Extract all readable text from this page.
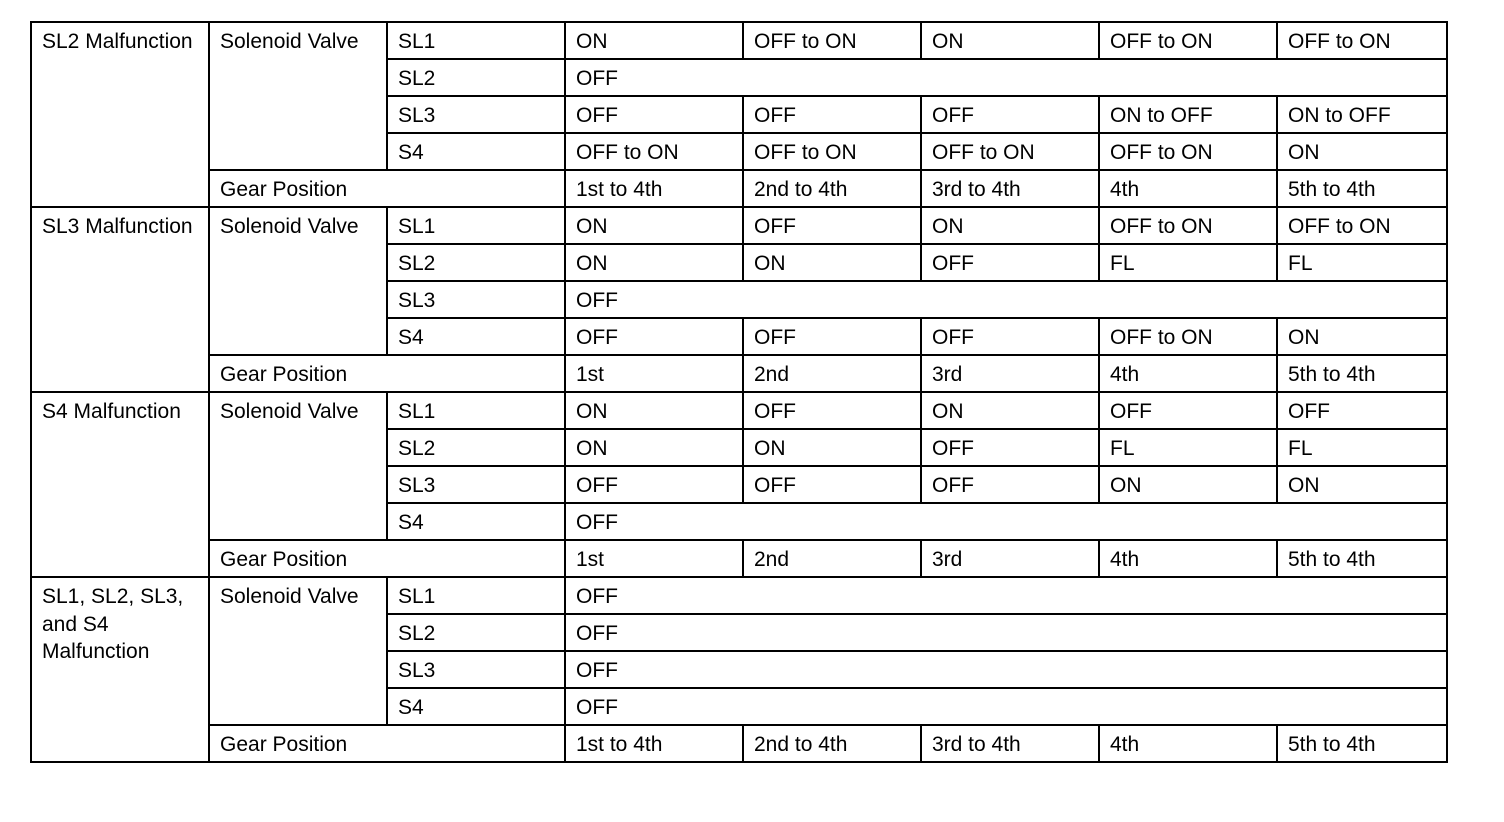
SL2 Malfunction	Solenoid Valve	SL1	ON	OFF to ON	ON	OFF to ON	OFF to ON
		SL2	OFF				
		SL3	OFF	OFF	OFF	ON to OFF	ON to OFF
		S4	OFF to ON	OFF to ON	OFF to ON	OFF to ON	ON
	Gear Position		1st to 4th	2nd to 4th	3rd to 4th	4th	5th to 4th
SL3 Malfunction	Solenoid Valve	SL1	ON	OFF	ON	OFF to ON	OFF to ON
		SL2	ON	ON	OFF	FL	FL
		SL3	OFF				
		S4	OFF	OFF	OFF	OFF to ON	ON
	Gear Position		1st	2nd	3rd	4th	5th to 4th
S4 Malfunction	Solenoid Valve	SL1	ON	OFF	ON	OFF	OFF
		SL2	ON	ON	OFF	FL	FL
		SL3	OFF	OFF	OFF	ON	ON
		S4	OFF				
	Gear Position		1st	2nd	3rd	4th	5th to 4th
SL1, SL2, SL3, and S4 Malfunction	Solenoid Valve	SL1	OFF				
		SL2	OFF				
		SL3	OFF				
		S4	OFF				
	Gear Position		1st to 4th	2nd to 4th	3rd to 4th	4th	5th to 4th
